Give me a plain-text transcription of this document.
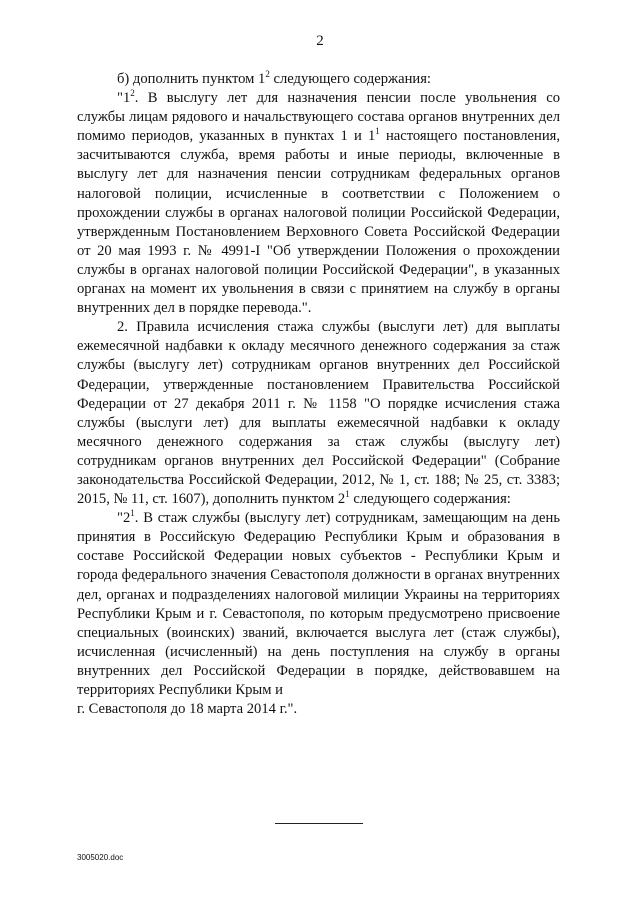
2

б) дополнить пунктом $1^2$ следующего содержания:

"$1^2$. В выслугу лет для назначения пенсии после увольнения со службы лицам рядового и начальствующего состава органов внутренних дел помимо периодов, указанных в пунктах 1 и $1^1$ настоящего постановления, засчитываются служба, время работы и иные периоды, включенные в выслугу лет для назначения пенсии сотрудникам федеральных органов налоговой полиции, исчисленные в соответствии с Положением о прохождении службы в органах налоговой полиции Российской Федерации, утвержденным Постановлением Верховного Совета Российской Федерации от 20 мая 1993 г. № 4991-I "Об утверждении Положения о прохождении службы в органах налоговой полиции Российской Федерации", в указанных органах на момент их увольнения в связи с принятием на службу в органы внутренних дел в порядке перевода.".

2. Правила исчисления стажа службы (выслуги лет) для выплаты ежемесячной надбавки к окладу месячного денежного содержания за стаж службы (выслугу лет) сотрудникам органов внутренних дел Российской Федерации, утвержденные постановлением Правительства Российской Федерации от 27 декабря 2011 г. № 1158 "О порядке исчисления стажа службы (выслуги лет) для выплаты ежемесячной надбавки к окладу месячного денежного содержания за стаж службы (выслугу лет) сотрудникам органов внутренних дел Российской Федерации" (Собрание законодательства Российской Федерации, 2012, № 1, ст. 188; № 25, ст. 3383; 2015, № 11, ст. 1607), дополнить пунктом $2^1$ следующего содержания:

"$2^1$. В стаж службы (выслугу лет) сотрудникам, замещающим на день принятия в Российскую Федерацию Республики Крым и образования в составе Российской Федерации новых субъектов - Республики Крым и города федерального значения Севастополя должности в органах внутренних дел, органах и подразделениях налоговой милиции Украины на территориях Республики Крым и г. Севастополя, по которым предусмотрено присвоение специальных (воинских) званий, включается выслуга лет (стаж службы), исчисленная (исчисленный) на день поступления на службу в органы внутренних дел Российской Федерации в порядке, действовавшем на территориях Республики Крым и

г. Севастополя до 18 марта 2014 г.".

3005020.doc
